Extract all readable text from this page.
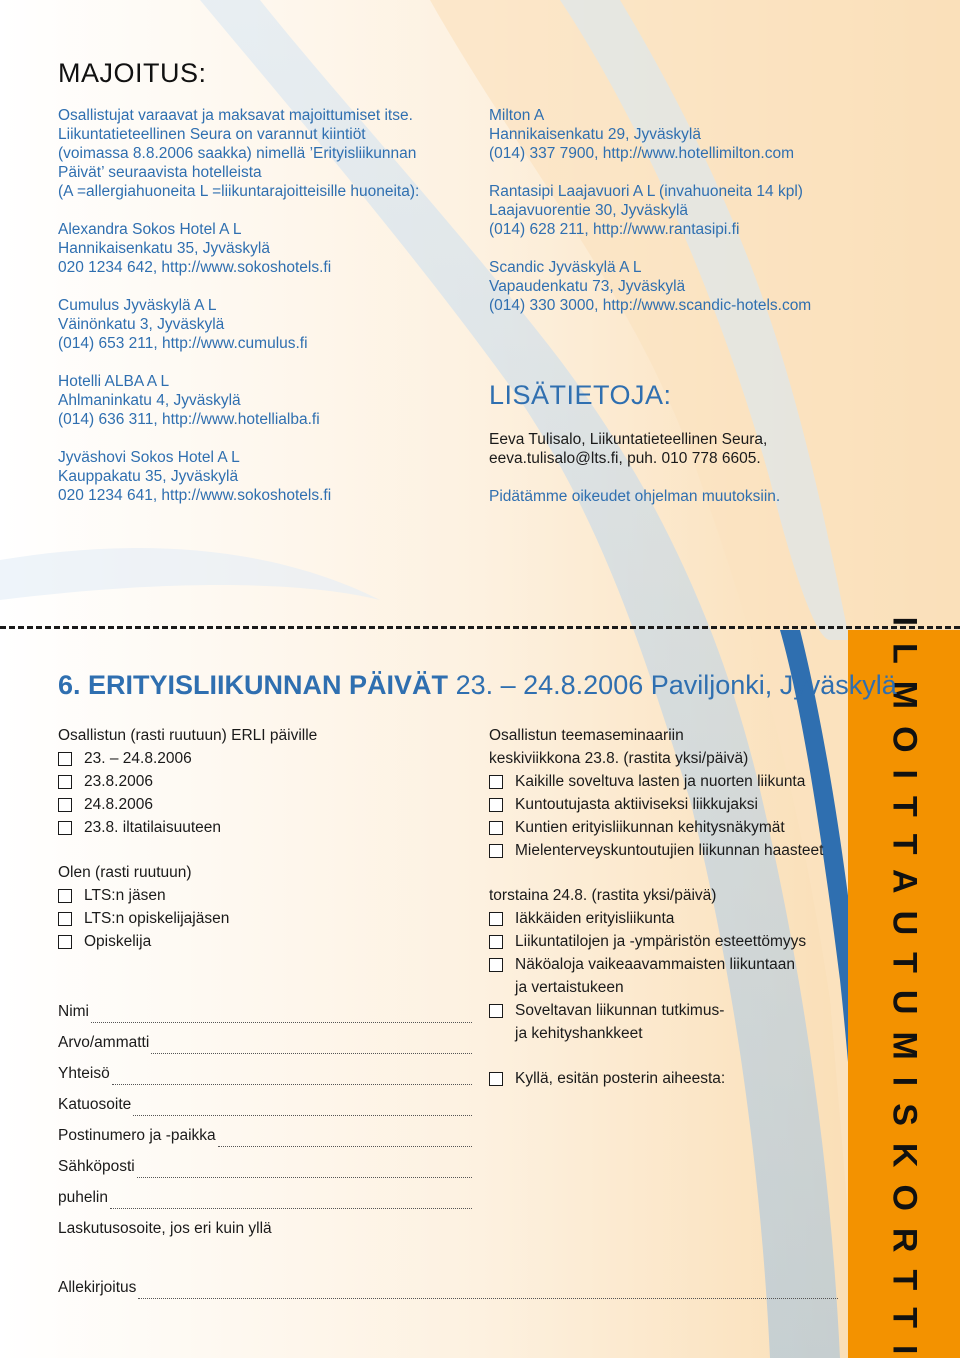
ILMOITTAUTUMISKORTTI
MAJOITUS:
Osallistujat varaavat ja maksavat majoittumiset itse.
Liikuntatieteellinen Seura on varannut kiintiöt
(voimassa 8.8.2006 saakka) nimellä ’Erityisliikunnan
Päivät’ seuraavista hotelleista
(A =allergiahuoneita L =liikuntarajoitteisille huoneita):
Alexandra Sokos Hotel A L
Hannikaisenkatu 35, Jyväskylä
020 1234 642, http://www.sokoshotels.fi
Cumulus Jyväskylä A L
Väinönkatu 3, Jyväskylä
(014) 653 211, http://www.cumulus.fi
Hotelli ALBA A L
Ahlmaninkatu 4, Jyväskylä
(014) 636 311, http://www.hotellialba.fi
Jyväshovi Sokos Hotel A L
Kauppakatu 35, Jyväskylä
020 1234 641, http://www.sokoshotels.fi
Milton A
Hannikaisenkatu 29, Jyväskylä
(014) 337 7900, http://www.hotellimilton.com
Rantasipi Laajavuori A L (invahuoneita 14 kpl)
Laajavuorentie 30, Jyväskylä
(014) 628 211, http://www.rantasipi.fi
Scandic Jyväskylä A L
Vapaudenkatu 73, Jyväskylä
(014) 330 3000, http://www.scandic-hotels.com
LISÄTIETOJA:
Eeva Tulisalo, Liikuntatieteellinen Seura,
eeva.tulisalo@lts.fi, puh. 010 778 6605.
Pidätämme oikeudet ohjelman muutoksiin.
6. ERITYISLIIKUNNAN PÄIVÄT 23. – 24.8.2006 Paviljonki, Jyväskylä
Osallistun (rasti ruutuun) ERLI päiville
23. – 24.8.2006
23.8.2006
24.8.2006
23.8. iltatilaisuuteen
Olen (rasti ruutuun)
LTS:n jäsen
LTS:n opiskelijajäsen
Opiskelija
Nimi
Arvo/ammatti
Yhteisö
Katuosoite
Postinumero ja -paikka
Sähköposti
puhelin
Laskutusosoite, jos eri kuin yllä
Allekirjoitus
Osallistun teemaseminaariin
keskiviikkona 23.8. (rastita yksi/päivä)
Kaikille soveltuva lasten ja nuorten liikunta
Kuntoutujasta aktiiviseksi liikkujaksi
Kuntien erityisliikunnan kehitysnäkymät
Mielenterveyskuntoutujien liikunnan haasteet
torstaina 24.8. (rastita yksi/päivä)
Iäkkäiden erityisliikunta
Liikuntatilojen ja -ympäristön esteettömyys
Näköaloja vaikeaavammaisten liikuntaan
ja vertaistukeen
Soveltavan liikunnan tutkimus-
ja kehityshankkeet
Kyllä, esitän posterin aiheesta:
